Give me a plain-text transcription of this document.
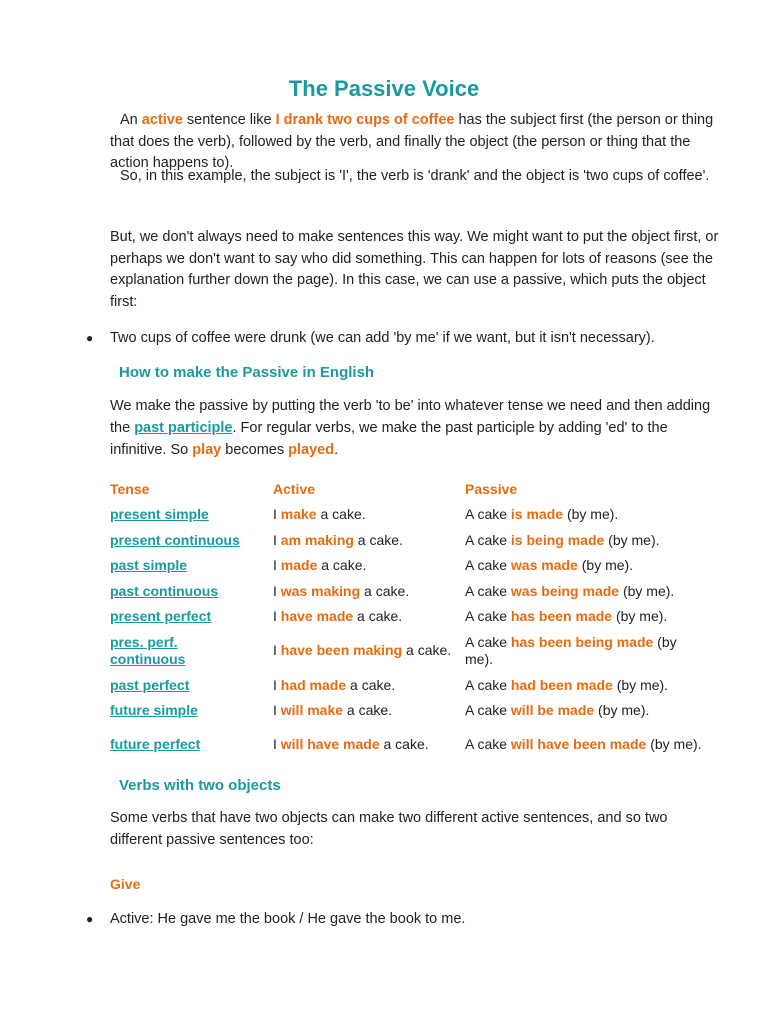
The Passive Voice

An active sentence like I drank two cups of coffee has the subject first (the person or thing that does the verb), followed by the verb, and finally the object (the person or thing that the action happens to).

So, in this example, the subject is 'I', the verb is 'drank' and the object is 'two cups of coffee'.

But, we don't always need to make sentences this way. We might want to put the object first, or perhaps we don't want to say who did something. This can happen for lots of reasons (see the explanation further down the page). In this case, we can use a passive, which puts the object first:

● Two cups of coffee were drunk (we can add 'by me' if we want, but it isn't necessary).

How to make the Passive in English

We make the passive by putting the verb 'to be' into whatever tense we need and then adding the past participle. For regular verbs, we make the past participle by adding 'ed' to the infinitive. So play becomes played.

Tense	Active	Passive
present simple	I make a cake.	A cake is made (by me).
present continuous	I am making a cake.	A cake is being made (by me).
past simple	I made a cake.	A cake was made (by me).
past continuous	I was making a cake.	A cake was being made (by me).
present perfect	I have made a cake.	A cake has been made (by me).
pres. perf. continuous	I have been making a cake.	A cake has been being made (by me).
past perfect	I had made a cake.	A cake had been made (by me).
future simple	I will make a cake.	A cake will be made (by me).
future perfect	I will have made a cake.	A cake will have been made (by me).
Verbs with two objects

Some verbs that have two objects can make two different active sentences, and so two different passive sentences too:

Give
● Active: He gave me the book / He gave the book to me.
